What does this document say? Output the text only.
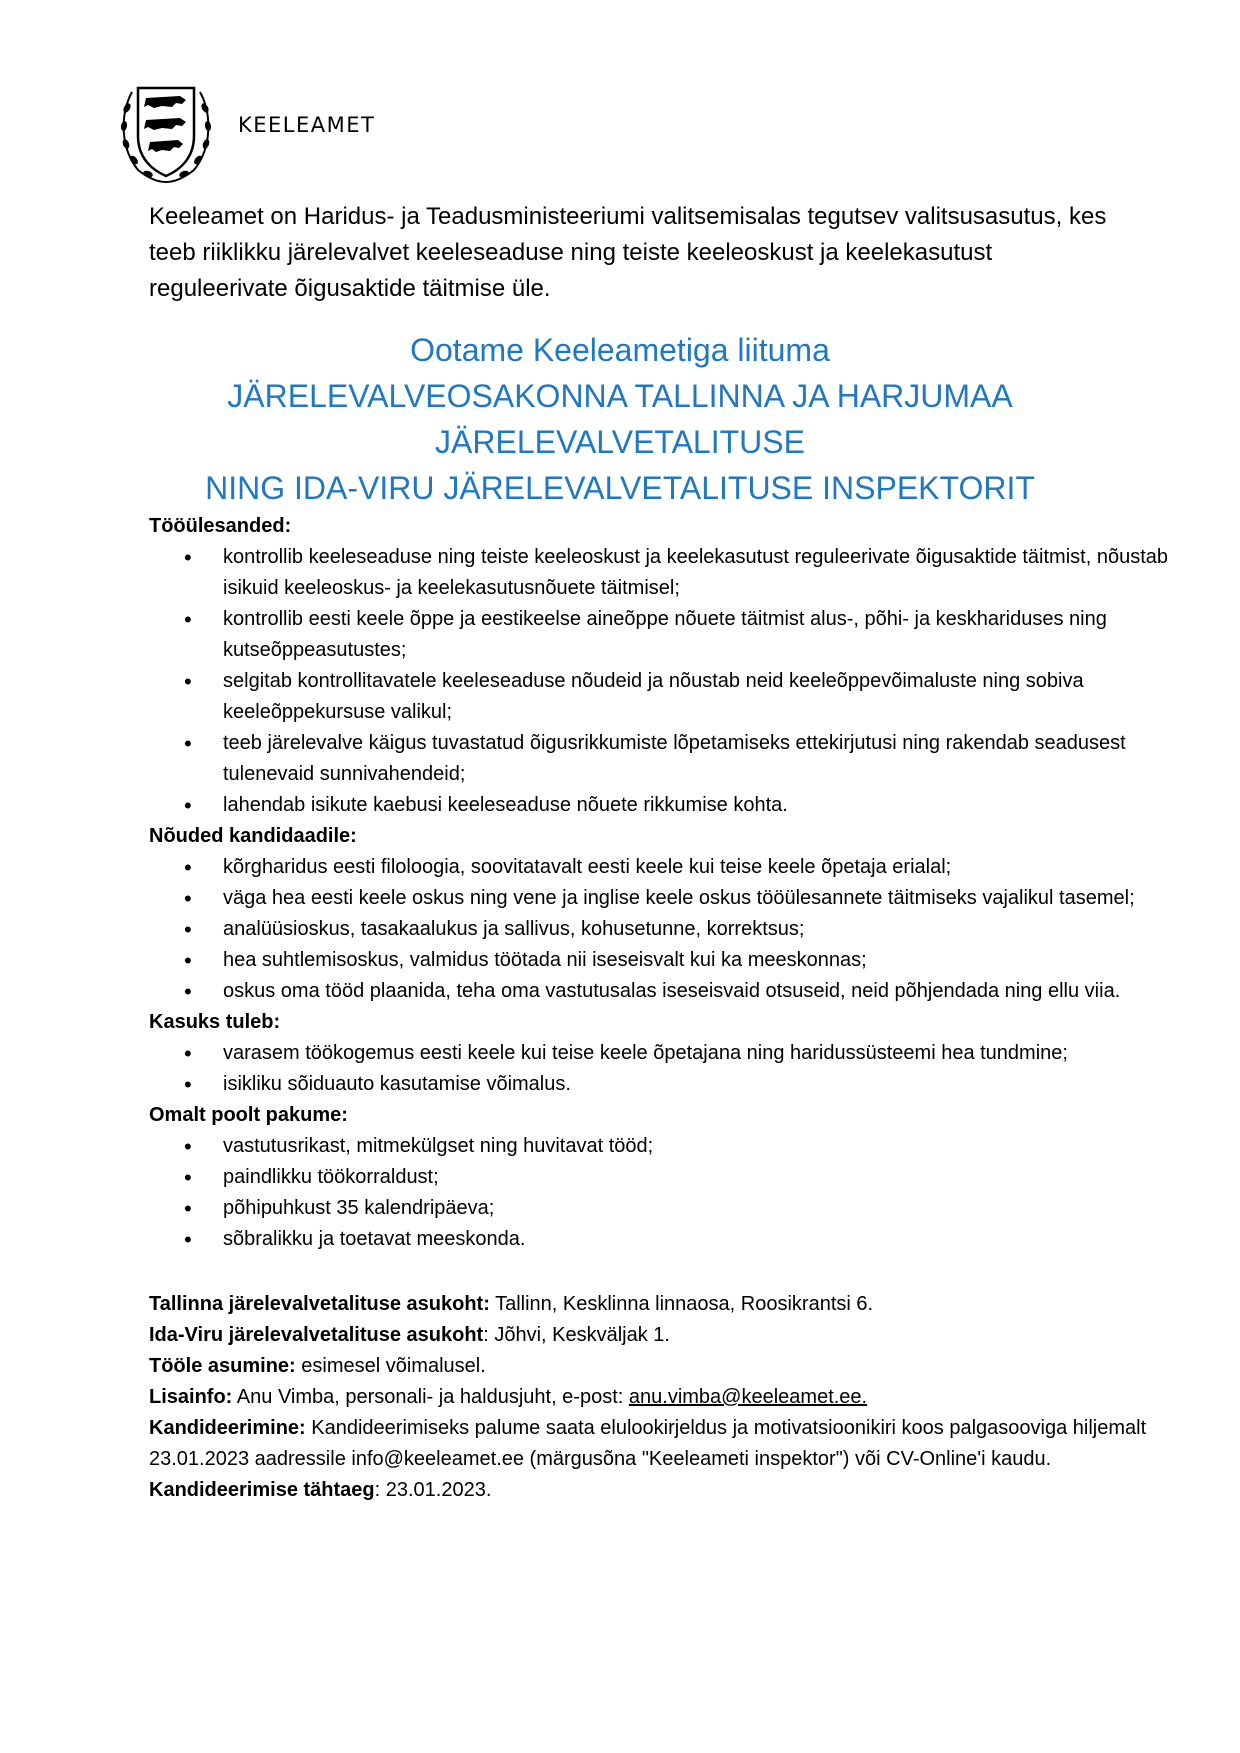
KEELEAMET
Keeleamet on Haridus- ja Teadusministeeriumi valitsemisalas tegutsev valitsusasutus, kes teeb riiklikku järelevalvet keeleseaduse ning teiste keeleoskust ja keelekasutust reguleerivate õigusaktide täitmise üle.
Ootame Keeleametiga liituma
JÄRELEVALVEOSAKONNA TALLINNA JA HARJUMAA
JÄRELEVALVETALITUSE
NING IDA-VIRU JÄRELEVALVETALITUSE INSPEKTORIT
Tööülesanded:
• kontrollib keeleseaduse ning teiste keeleoskust ja keelekasutust reguleerivate õigusaktide täitmist, nõustab isikuid keeleoskus- ja keelekasutusnõuete täitmisel;
• kontrollib eesti keele õppe ja eestikeelse aineõppe nõuete täitmist alus-, põhi- ja keskhariduses ning kutseõppeasutustes;
• selgitab kontrollitavatele keeleseaduse nõudeid ja nõustab neid keeleõppevõimaluste ning sobiva keeleõppekursuse valikul;
• teeb järelevalve käigus tuvastatud õigusrikkumiste lõpetamiseks ettekirjutusi ning rakendab seadusest tulenevaid sunnivahendeid;
• lahendab isikute kaebusi keeleseaduse nõuete rikkumise kohta.
Nõuded kandidaadile:
• kõrgharidus eesti filoloogia, soovitatavalt eesti keele kui teise keele õpetaja erialal;
• väga hea eesti keele oskus ning vene ja inglise keele oskus tööülesannete täitmiseks vajalikul tasemel;
• analüüsioskus, tasakaalukus ja sallivus, kohusetunne, korrektsus;
• hea suhtlemisoskus, valmidus töötada nii iseseisvalt kui ka meeskonnas;
• oskus oma tööd plaanida, teha oma vastutusalas iseseisvaid otsuseid, neid põhjendada ning ellu viia.
Kasuks tuleb:
• varasem töökogemus eesti keele kui teise keele õpetajana ning haridussüsteemi hea tundmine;
• isikliku sõiduauto kasutamise võimalus.
Omalt poolt pakume:
• vastutusrikast, mitmekülgset ning huvitavat tööd;
• paindlikku töökorraldust;
• põhipuhkust 35 kalendripäeva;
• sõbralikku ja toetavat meeskonda.

Tallinna järelevalvetalituse asukoht: Tallinn, Kesklinna linnaosa, Roosikrantsi 6.

Ida-Viru järelevalvetalituse asukoht: Jõhvi, Keskväljak 1.

Tööle asumine: esimesel võimalusel.

Lisainfo: Anu Vimba, personali- ja haldusjuht, e-post: anu.vimba@keeleamet.ee.

Kandideerimine: Kandideerimiseks palume saata elulookirjeldus ja motivatsioonikiri koos palgasooviga hiljemalt 23.01.2023 aadressile info@keeleamet.ee (märgusõna "Keeleameti inspektor") või CV-Online'i kaudu.

Kandideerimise tähtaeg: 23.01.2023.
